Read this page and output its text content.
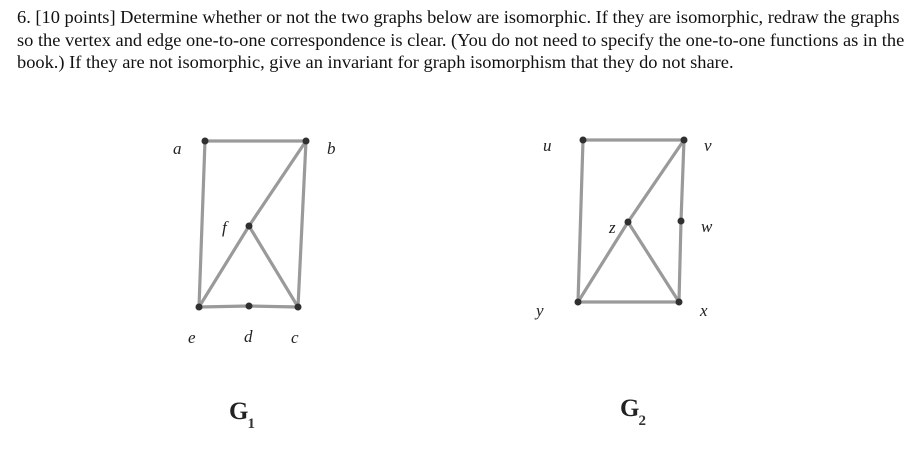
6. [10 points] Determine whether or not the two graphs below are isomorphic. If they are isomorphic, redraw the graphs so the vertex and edge one-to-one correspondence is clear. (You do not need to specify the one-to-one functions as in the book.) If they are not isomorphic, give an invariant for graph isomorphism that they do not share.

a	b
f
e	d c
G1
u	v
w
z
y	x
G2
